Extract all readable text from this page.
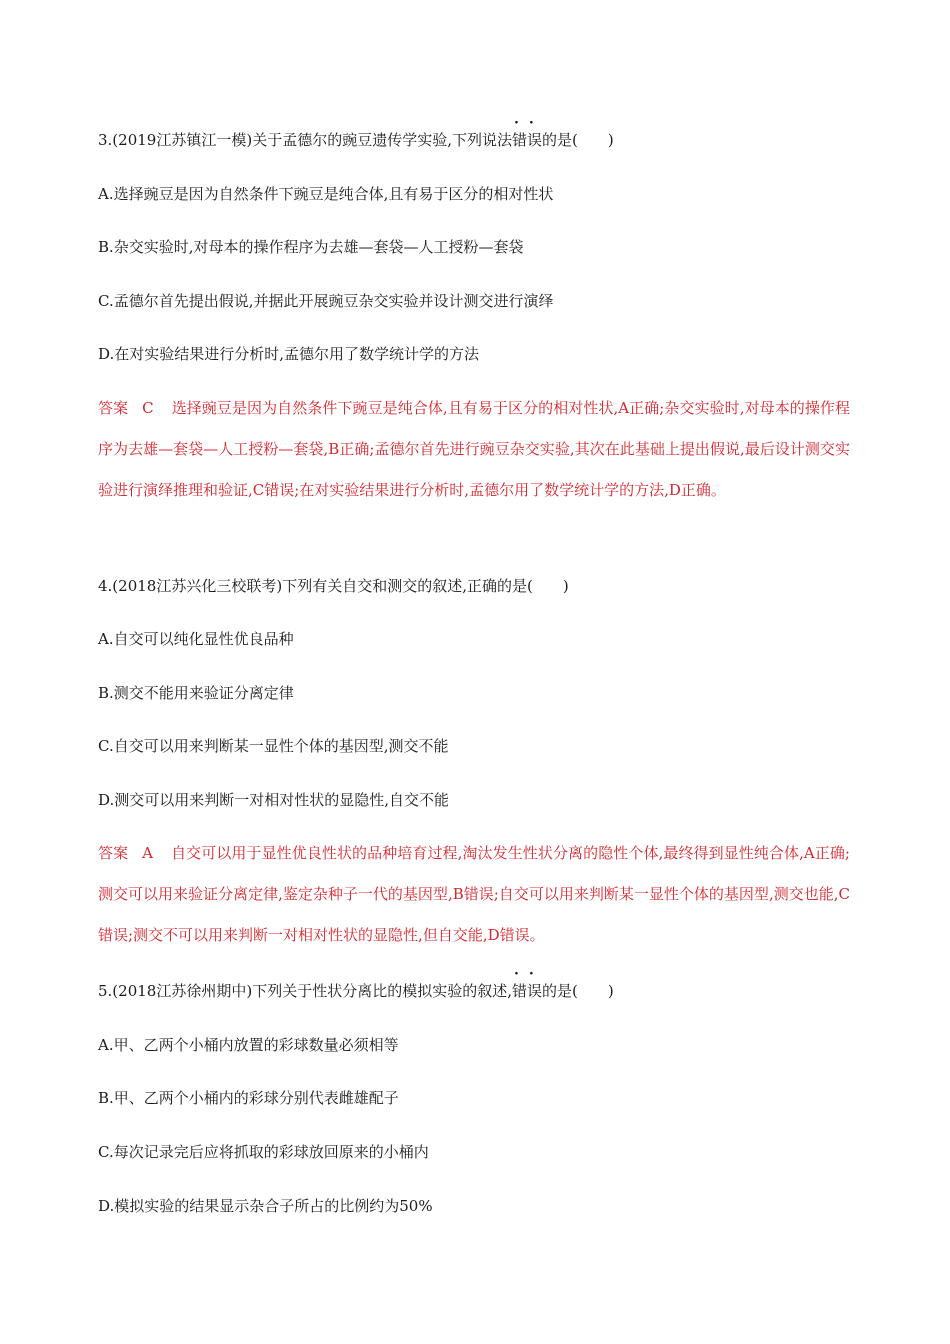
3.(2019江苏镇江一模)关于孟德尔的豌豆遗传学实验,下列说法· · 错误的是( )
A.选择豌豆是因为自然条件下豌豆是纯合体,且有易于区分的相对性状
B.杂交实验时,对母本的操作程序为去雄—套袋—人工授粉—套袋
C.孟德尔首先提出假说,并据此开展豌豆杂交实验并设计测交进行演绎
D.在对实验结果进行分析时,孟德尔用了数学统计学的方法
答案 C 选择豌豆是因为自然条件下豌豆是纯合体,且有易于区分的相对性状,A正确;杂交实验时,对母本的操作程序为去雄—套袋—人工授粉—套袋,B正确;孟德尔首先进行豌豆杂交实验,其次在此基础上提出假说,最后设计测交实验进行演绎推理和验证,C错误;在对实验结果进行分析时,孟德尔用了数学统计学的方法,D正确。
4.(2018江苏兴化三校联考)下列有关自交和测交的叙述,正确的是( )
A.自交可以纯化显性优良品种
B.测交不能用来验证分离定律
C.自交可以用来判断某一显性个体的基因型,测交不能
D.测交可以用来判断一对相对性状的显隐性,自交不能
答案 A 自交可以用于显性优良性状的品种培育过程,淘汰发生性状分离的隐性个体,最终得到显性纯合体,A正确;测交可以用来验证分离定律,鉴定杂种子一代的基因型,B错误;自交可以用来判断某一显性个体的基因型,测交也能,C错误;测交不可以用来判断一对相对性状的显隐性,但自交能,D错误。
5.(2018江苏徐州期中)下列关于性状分离比的模拟实验的叙述,· · 错误的是( )
A.甲、乙两个小桶内放置的彩球数量必须相等
B.甲、乙两个小桶内的彩球分别代表雌雄配子
C.每次记录完后应将抓取的彩球放回原来的小桶内
D.模拟实验的结果显示杂合子所占的比例约为50%
